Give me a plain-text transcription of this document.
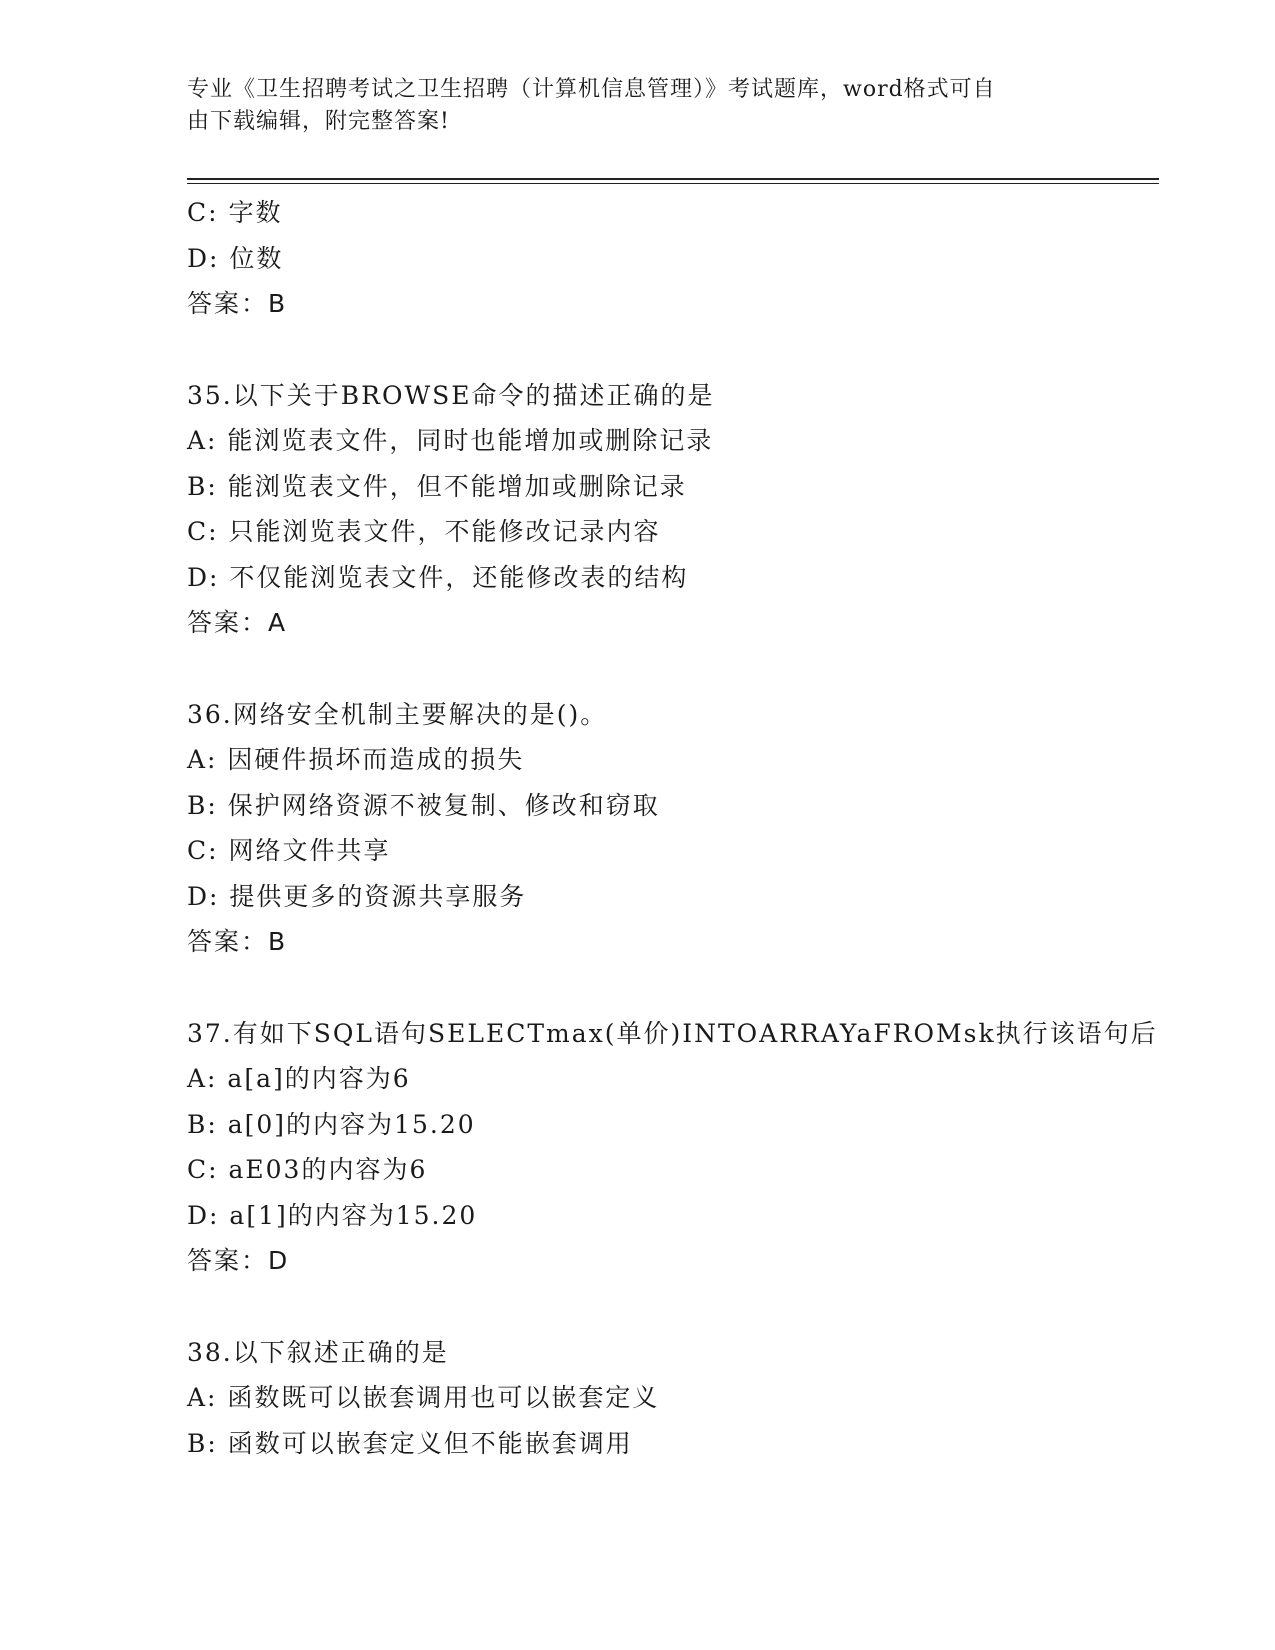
专业《卫生招聘考试之卫生招聘（计算机信息管理）》考试题库，word格式可自
由下载编辑，附完整答案!
C: 字数
D: 位数
答案：B
35.以下关于BROWSE命令的描述正确的是
A: 能浏览表文件，同时也能增加或删除记录
B: 能浏览表文件，但不能增加或删除记录
C: 只能浏览表文件，不能修改记录内容
D: 不仅能浏览表文件，还能修改表的结构
答案：A
36.网络安全机制主要解决的是()。
A: 因硬件损坏而造成的损失
B: 保护网络资源不被复制、修改和窃取
C: 网络文件共享
D: 提供更多的资源共享服务
答案：B
37.有如下SQL语句SELECTmax(单价)INTOARRAYaFROMsk执行该语句后
A: a[a]的内容为6
B: a[0]的内容为15.20
C: aE03的内容为6
D: a[1]的内容为15.20
答案：D
38.以下叙述正确的是
A: 函数既可以嵌套调用也可以嵌套定义
B: 函数可以嵌套定义但不能嵌套调用
